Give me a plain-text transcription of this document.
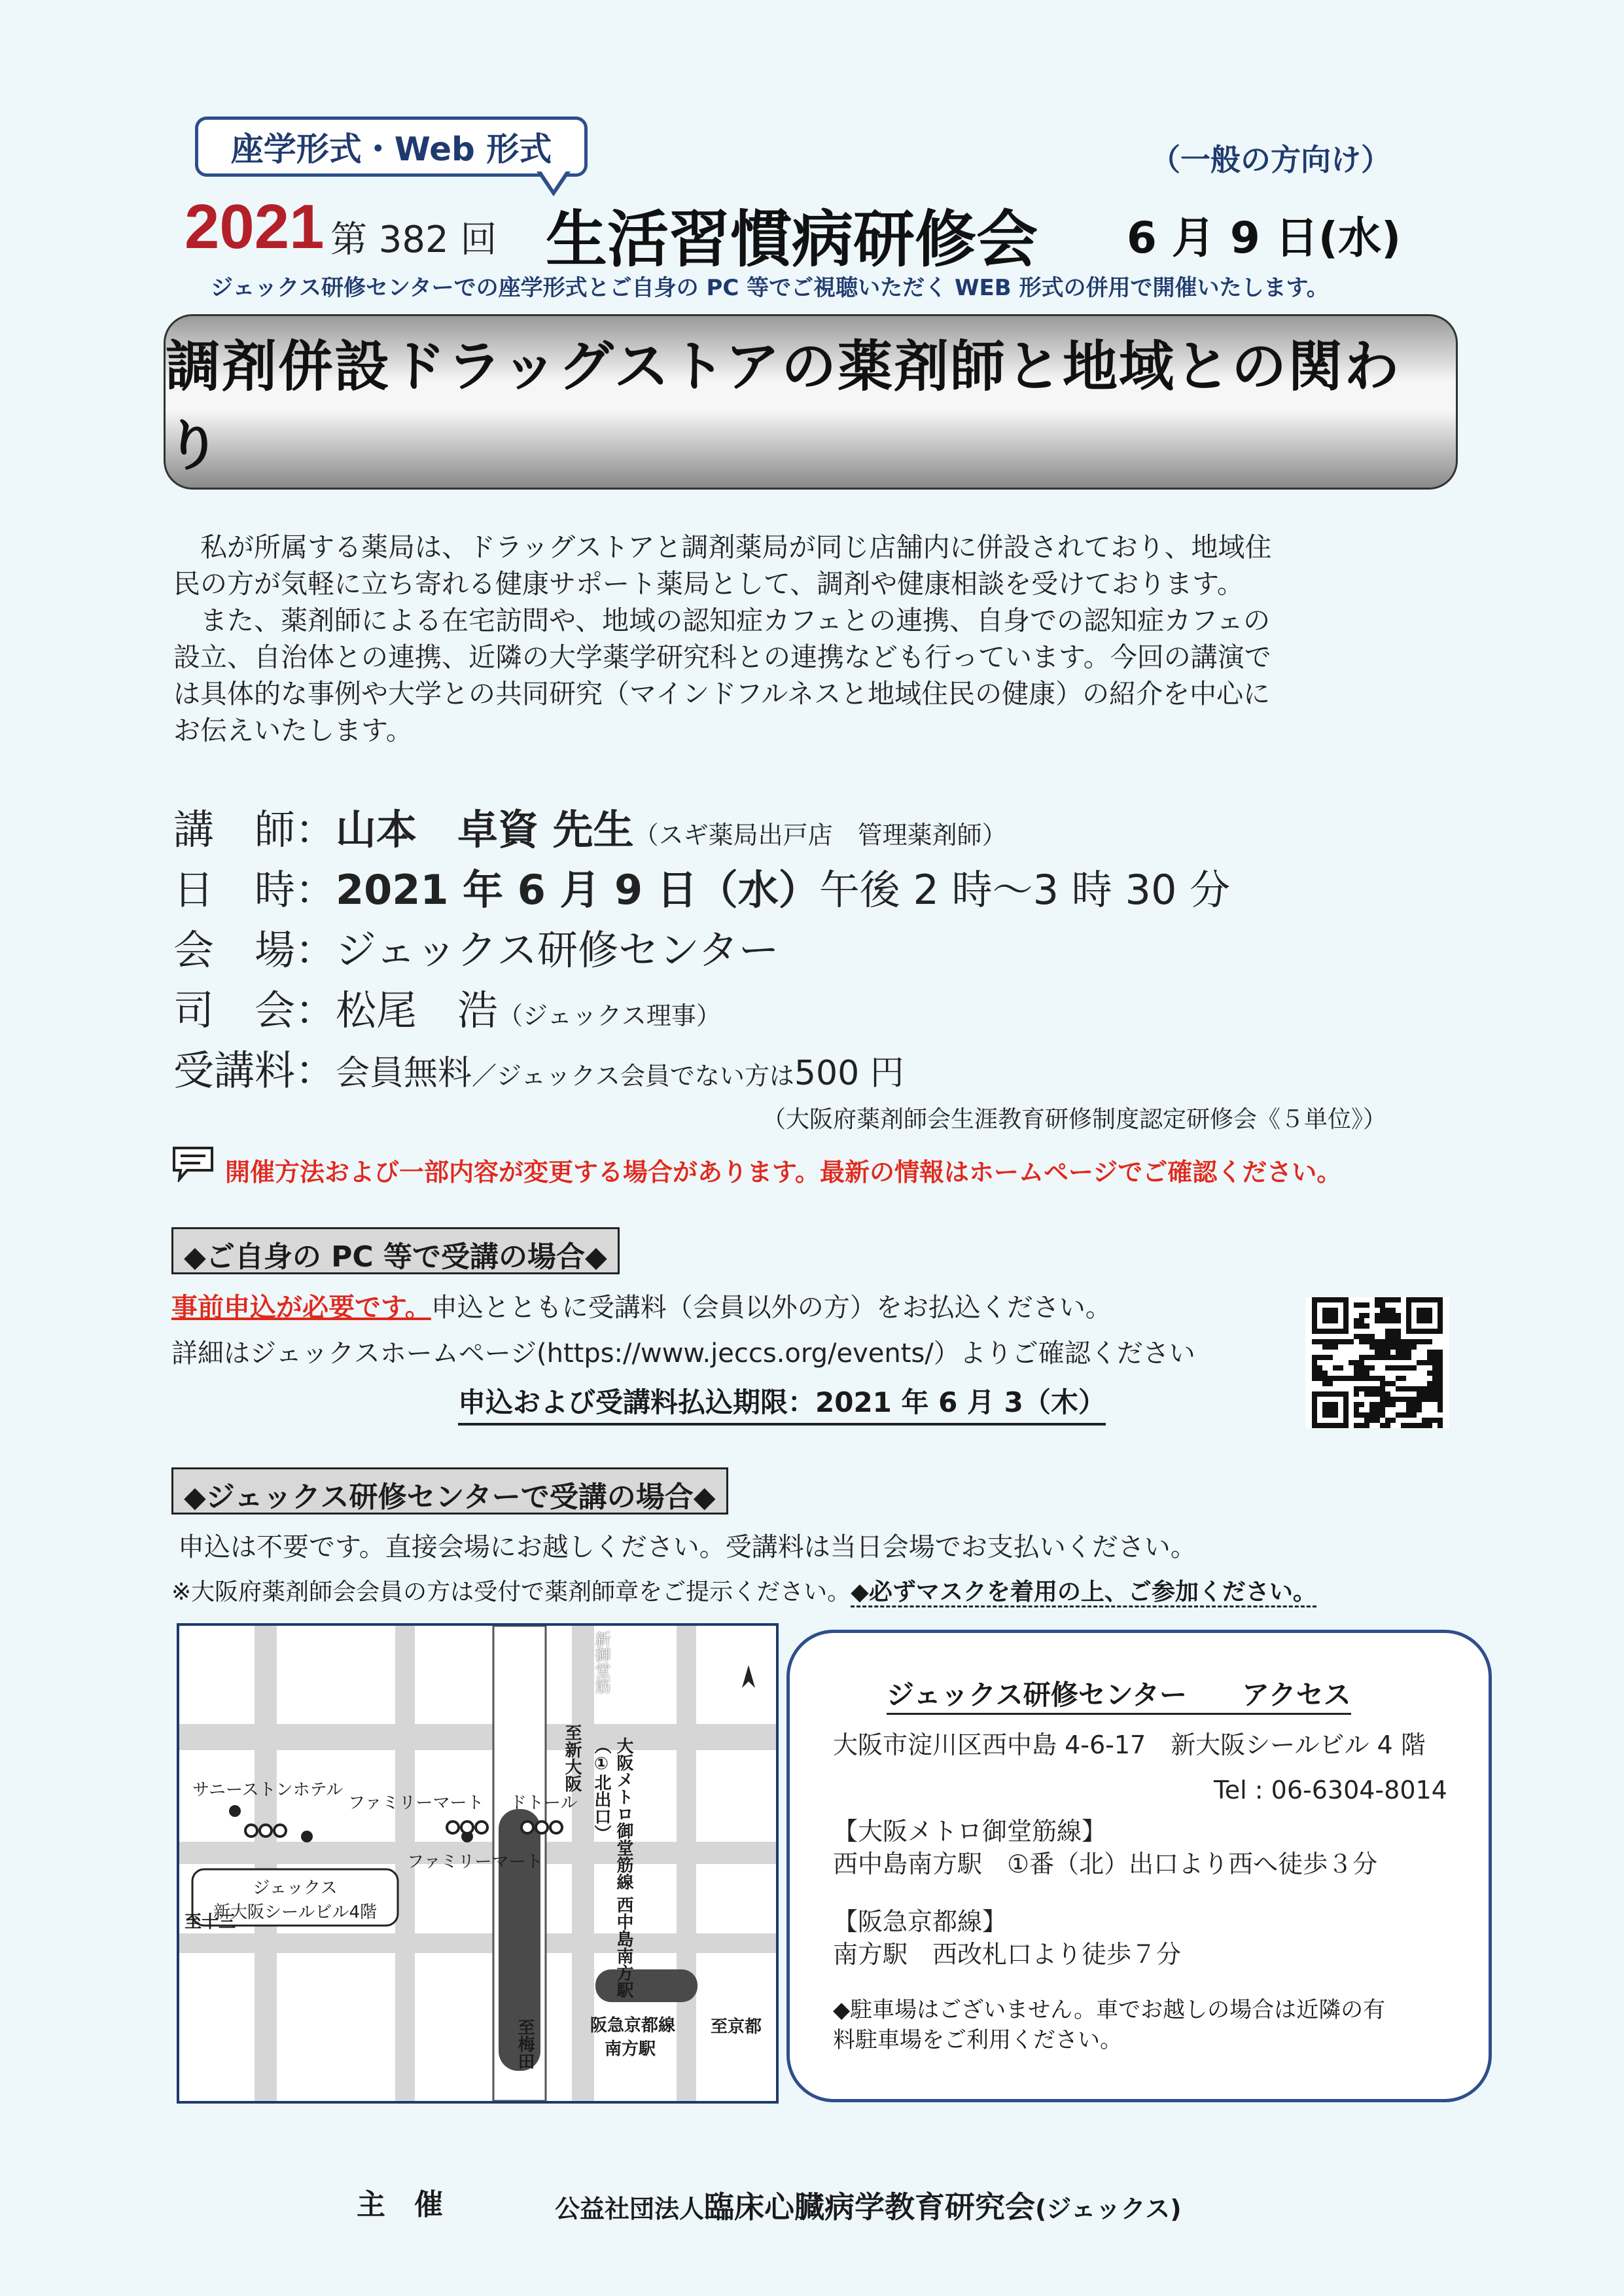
座学形式・Web 形式	（一般の方向け）
2021 第 382 回 生活習慣病研修会 6 月 9 日(水)
ジェックス研修センターでの座学形式とご自身の PC 等でご視聴いただく WEB 形式の併用で開催いたします。
調剤併設ドラッグストアの薬剤師と地域との関わり
　私が所属する薬局は、ドラッグストアと調剤薬局が同じ店舗内に併設されており、地域住
民の方が気軽に立ち寄れる健康サポート薬局として、調剤や健康相談を受けております。
　また、薬剤師による在宅訪問や、地域の認知症カフェとの連携、自身での認知症カフェの
設立、自治体との連携、近隣の大学薬学研究科との連携なども行っています。今回の講演で
は具体的な事例や大学との共同研究（マインドフルネスと地域住民の健康）の紹介を中心に
お伝えいたします。
講　師：山本　卓資 先生（スギ薬局出戸店　管理薬剤師）
日　時：2021 年 6 月 9 日（水）午後 2 時～3 時 30 分
会　場：ジェックス研修センター
司　会：松尾　浩（ジェックス理事）
受講料：会員無料／ジェックス会員でない方は500 円
（大阪府薬剤師会生涯教育研修制度認定研修会《５単位》）
開催方法および一部内容が変更する場合があります。最新の情報はホームページでご確認ください。
◆ご自身の PC 等で受講の場合◆
事前申込が必要です。申込とともに受講料（会員以外の方）をお払込ください。
詳細はジェックスホームページ(https://www.jeccs.org/events/）よりご確認ください
申込および受講料払込期限：2021 年 6 月 3（木）
◆ジェックス研修センターで受講の場合◆
申込は不要です。直接会場にお越しください。受講料は当日会場でお支払いください。
※大阪府薬剤師会会員の方は受付で薬剤師章をご提示ください。◆必ずマスクを着用の上、ご参加ください。
新御堂筋
至新大阪	大阪メトロ御堂筋線 西中島南方駅（①北出口）
サニーストンホテル
ファミリーマート ドトール
ファミリーマート
ジェックス
新大阪シールビル4階
至十三
阪急京都線
南方駅
至京都
至梅田
ジェックス研修センター　　アクセス
大阪市淀川区西中島 4-6-17　新大阪シールビル 4 階
Tel : 06-6304-8014
【大阪メトロ御堂筋線】
西中島南方駅　①番（北）出口より西へ徒歩３分
【阪急京都線】
南方駅　西改札口より徒歩７分
◆駐車場はございません。車でお越しの場合は近隣の有
料駐車場をご利用ください。
主　催	公益社団法人臨床心臓病学教育研究会(ジェックス)
